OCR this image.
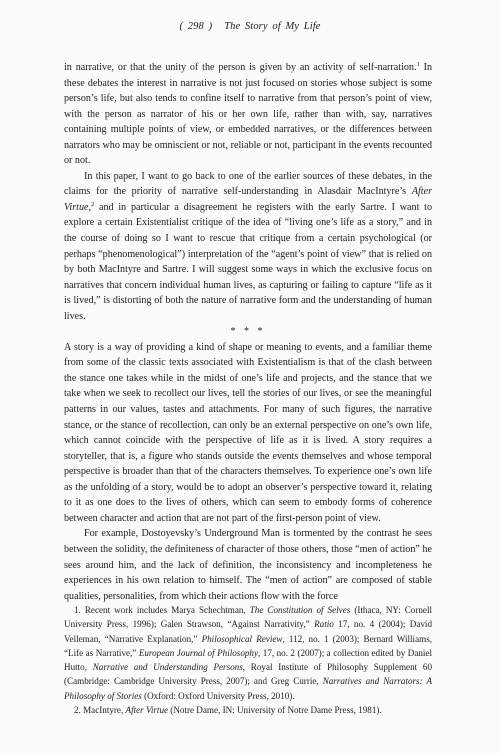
( 298 ) The Story of My Life

in narrative, or that the unity of the person is given by an activity of self-narration.$^1$ In these debates the interest in narrative is not just focused on stories whose subject is some person’s life, but also tends to confine itself to narrative from that person’s point of view, with the person as narrator of his or her own life, rather than with, say, narratives containing multiple points of view, or embedded narratives, or the differences between narrators who may be omniscient or not, reliable or not, participant in the events recounted or not.

In this paper, I want to go back to one of the earlier sources of these debates, in the claims for the priority of narrative self-understanding in Alasdair MacIntyre’s After Virtue,$^2$ and in particular a disagreement he registers with the early Sartre. I want to explore a certain Existentialist critique of the idea of “living one’s life as a story,” and in the course of doing so I want to rescue that critique from a certain psychological (or perhaps “phenomenological”) interpretation of the “agent’s point of view” that is relied on by both MacIntyre and Sartre. I will suggest some ways in which the exclusive focus on narratives that concern individual human lives, as capturing or failing to capture “life as it is lived,” is distorting of both the nature of narrative form and the understanding of human lives.

* * *

A story is a way of providing a kind of shape or meaning to events, and a familiar theme from some of the classic texts associated with Existentialism is that of the clash between the stance one takes while in the midst of one’s life and projects, and the stance that we take when we seek to recollect our lives, tell the stories of our lives, or see the meaningful patterns in our values, tastes and attachments. For many of such figures, the narrative stance, or the stance of recollection, can only be an external perspective on one’s own life, which cannot coincide with the perspective of life as it is lived. A story requires a storyteller, that is, a figure who stands outside the events themselves and whose temporal perspective is broader than that of the characters themselves. To experience one’s own life as the unfolding of a story, would be to adopt an observer’s perspective toward it, relating to it as one does to the lives of others, which can seem to embody forms of coherence between character and action that are not part of the first-person point of view.

For example, Dostoyevsky’s Underground Man is tormented by the contrast he sees between the solidity, the definiteness of character of those others, those “men of action” he sees around him, and the lack of definition, the inconsistency and incompleteness he experiences in his own relation to himself. The “men of action” are composed of stable qualities, personalities, from which their actions flow with the force

1. Recent work includes Marya Schechtman, The Constitution of Selves (Ithaca, NY: Cornell University Press, 1996); Galen Strawson, “Against Narrativity,” Ratio 17, no. 4 (2004); David Velleman, “Narrative Explanation,” Philosophical Review, 112, no. 1 (2003); Bernard Williams, “Life as Narrative,” European Journal of Philosophy, 17, no. 2 (2007); a collection edited by Daniel Hutto, Narrative and Understanding Persons, Royal Institute of Philosophy Supplement 60 (Cambridge: Cambridge University Press, 2007); and Greg Currie, Narratives and Narrators: A Philosophy of Stories (Oxford: Oxford University Press, 2010).

2. MacIntyre, After Virtue (Notre Dame, IN: University of Notre Dame Press, 1981).
